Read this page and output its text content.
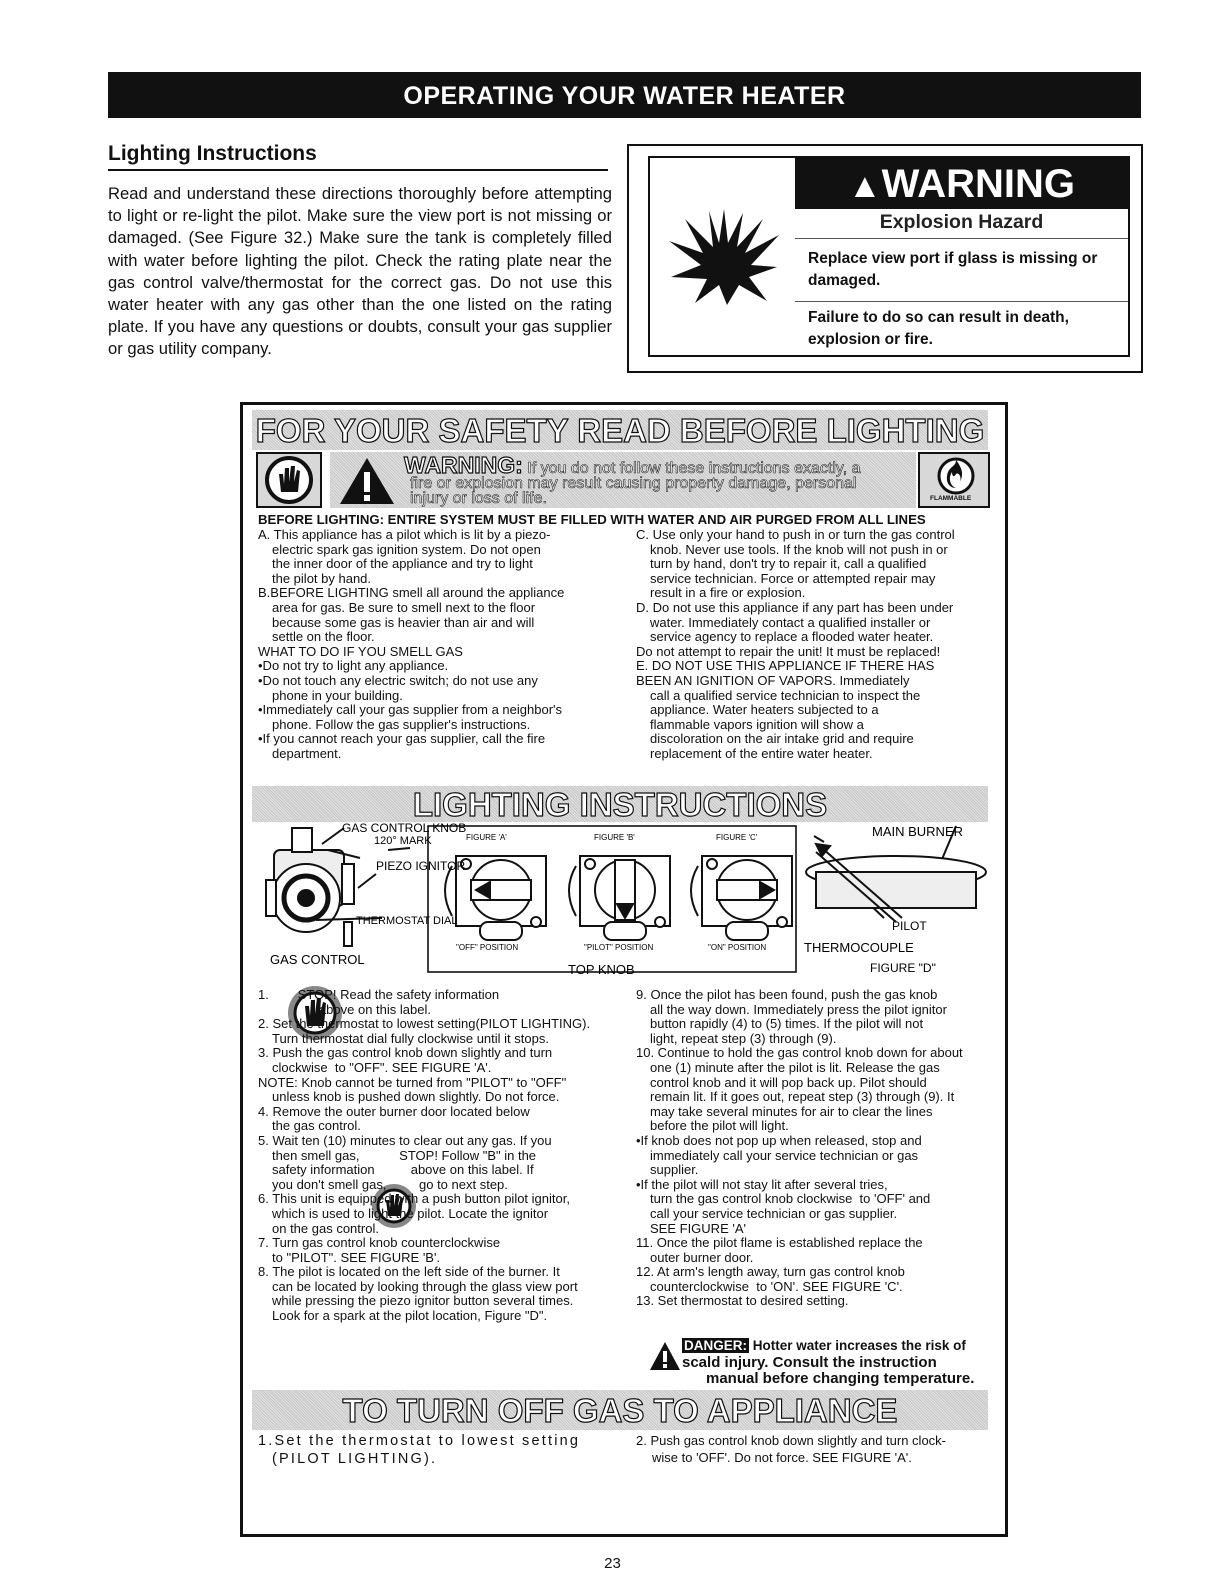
OPERATING YOUR WATER HEATER
Lighting Instructions
Read and understand these directions thoroughly before attempting to light or re-light the pilot. Make sure the view port is not missing or damaged. (See Figure 32.) Make sure the tank is completely filled with water before lighting the pilot. Check the rating plate near the gas control valve/thermostat for the correct gas. Do not use this water heater with any gas other than the one listed on the rating plate. If you have any questions or doubts, consult your gas supplier or gas utility company.
▲WARNING
Explosion Hazard
Replace view port if glass is missing or damaged.
Failure to do so can result in death, explosion or fire.
FOR YOUR SAFETY READ BEFORE LIGHTING
WARNING: If you do not follow these instructions exactly, a
fire or explosion may result causing property damage, personal
injury or loss of life.	FLAMMABLE
BEFORE LIGHTING: ENTIRE SYSTEM MUST BE FILLED WITH WATER AND AIR PURGED FROM ALL LINES
A. This appliance has a pilot which is lit by a piezo-
electric spark gas ignition system. Do not open
the inner door of the appliance and try to light
the pilot by hand.
B.BEFORE LIGHTING smell all around the appliance
area for gas. Be sure to smell next to the floor
because some gas is heavier than air and will
settle on the floor.
WHAT TO DO IF YOU SMELL GAS
•Do not try to light any appliance.
•Do not touch any electric switch; do not use any
phone in your building.
•Immediately call your gas supplier from a neighbor's
phone. Follow the gas supplier's instructions.
•If you cannot reach your gas supplier, call the fire
department.
C. Use only your hand to push in or turn the gas control
knob. Never use tools. If the knob will not push in or
turn by hand, don't try to repair it, call a qualified
service technician. Force or attempted repair may
result in a fire or explosion.
D. Do not use this appliance if any part has been under
water. Immediately contact a qualified installer or
service agency to replace a flooded water heater.
Do not attempt to repair the unit! It must be replaced!
E. DO NOT USE THIS APPLIANCE IF THERE HAS
BEEN AN IGNITION OF VAPORS. Immediately
call a qualified service technician to inspect the
appliance. Water heaters subjected to a
flammable vapors ignition will show a
discoloration on the air intake grid and require
replacement of the entire water heater.
LIGHTING INSTRUCTIONS
GAS CONTROL KNOB
120° MARK
PIEZO IGNITOR
THERMOSTAT DIAL
GAS CONTROL
FIGURE 'A'	FIGURE 'B'	FIGURE 'C'
"OFF" POSITION	"PILOT" POSITION	"ON" POSITION
TOP KNOB
MAIN BURNER
PILOT
THERMOCOUPLE
FIGURE "D"
1.        STOP! Read the safety information
above on this label.
2. Set the thermostat to lowest setting(PILOT LIGHTING).
Turn thermostat dial fully clockwise until it stops.
3. Push the gas control knob down slightly and turn
clockwise  to "OFF". SEE FIGURE 'A'.
NOTE: Knob cannot be turned from "PILOT" to "OFF"
unless knob is pushed down slightly. Do not force.
4. Remove the outer burner door located below
the gas control.
5. Wait ten (10) minutes to clear out any gas. If you
then smell gas,           STOP! Follow "B" in the
safety information          above on this label. If
you don't smell gas,         go to next step.
6. This unit is equipped with a push button pilot ignitor,
which is used to light the pilot. Locate the ignitor
on the gas control.
7. Turn gas control knob counterclockwise
to "PILOT". SEE FIGURE 'B'.
8. The pilot is located on the left side of the burner. It
can be located by looking through the glass view port
while pressing the piezo ignitor button several times.
Look for a spark at the pilot location, Figure "D".
9. Once the pilot has been found, push the gas knob
all the way down. Immediately press the pilot ignitor
button rapidly (4) to (5) times. If the pilot will not
light, repeat step (3) through (9).
10. Continue to hold the gas control knob down for about
one (1) minute after the pilot is lit. Release the gas
control knob and it will pop back up. Pilot should
remain lit. If it goes out, repeat step (3) through (9). It
may take several minutes for air to clear the lines
before the pilot will light.
•If knob does not pop up when released, stop and
immediately call your service technician or gas
supplier.
•If the pilot will not stay lit after several tries,
turn the gas control knob clockwise  to 'OFF' and
call your service technician or gas supplier.
SEE FIGURE 'A'
11. Once the pilot flame is established replace the
outer burner door.
12. At arm's length away, turn gas control knob
counterclockwise  to 'ON'. SEE FIGURE 'C'.
13. Set thermostat to desired setting.
DANGER: Hotter water increases the risk of
scald injury. Consult the instruction
manual before changing temperature.
TO TURN OFF GAS TO APPLIANCE
1.Set the thermostat to lowest setting
(PILOT LIGHTING).
2. Push gas control knob down slightly and turn clock-
wise to 'OFF'. Do not force. SEE FIGURE 'A'.
23
